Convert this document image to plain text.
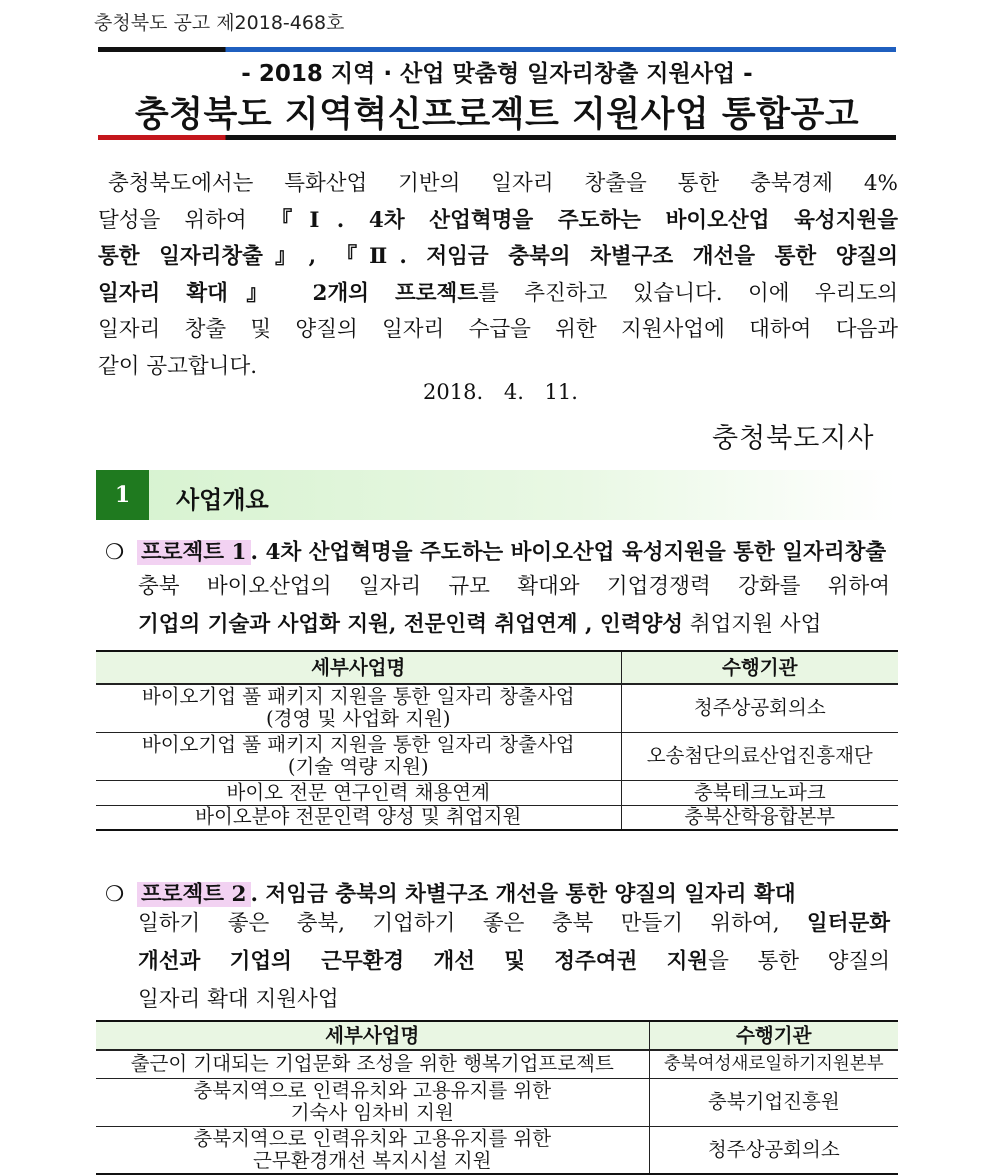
충청북도 공고 제2018-468호
- 2018 지역 · 산업 맞춤형 일자리창출 지원사업 -
충청북도 지역혁신프로젝트 지원사업 통합공고
충청북도에서는 특화산업 기반의 일자리 창출을 통한 충북경제 4%
달성을 위하여 『Ⅰ. 4차 산업혁명을 주도하는 바이오산업 육성지원을
통한 일자리창출』, 『Ⅱ. 저임금 충북의 차별구조 개선을 통한 양질의
일자리 확대』 2개의 프로젝트를 추진하고 있습니다. 이에 우리도의
일자리 창출 및 양질의 일자리 수급을 위한 지원사업에 대하여 다음과
같이 공고합니다.
2018. 4. 11.
충청북도지사
1	사업개요
❍ 프로젝트 1 . 4차 산업혁명을 주도하는 바이오산업 육성지원을 통한 일자리창출
충북 바이오산업의 일자리 규모 확대와 기업경쟁력 강화를 위하여
기업의 기술과 사업화 지원, 전문인력 취업연계 , 인력양성 취업지원 사업
세부사업명	수행기관

바이오기업 풀 패키지 지원을 통한 일자리 창출사업
(경영 및 사업화 지원)	청주상공회의소

바이오기업 풀 패키지 지원을 통한 일자리 창출사업
(기술 역량 지원)	오송첨단의료산업진흥재단
바이오 전문 연구인력 채용연계	충북테크노파크
바이오분야 전문인력 양성 및 취업지원	충북산학융합본부
❍ 프로젝트 2 . 저임금 충북의 차별구조 개선을 통한 양질의 일자리 확대
일하기 좋은 충북, 기업하기 좋은 충북 만들기 위하여, 일터문화
개선과 기업의 근무환경 개선 및 정주여권 지원을 통한 양질의
일자리 확대 지원사업
세부사업명	수행기관
출근이 기대되는 기업문화 조성을 위한 행복기업프로젝트	충북여성새로일하기지원본부

충북지역으로 인력유치와 고용유지를 위한
기숙사 임차비 지원	충북기업진흥원

충북지역으로 인력유치와 고용유지를 위한
근무환경개선 복지시설 지원	청주상공회의소
